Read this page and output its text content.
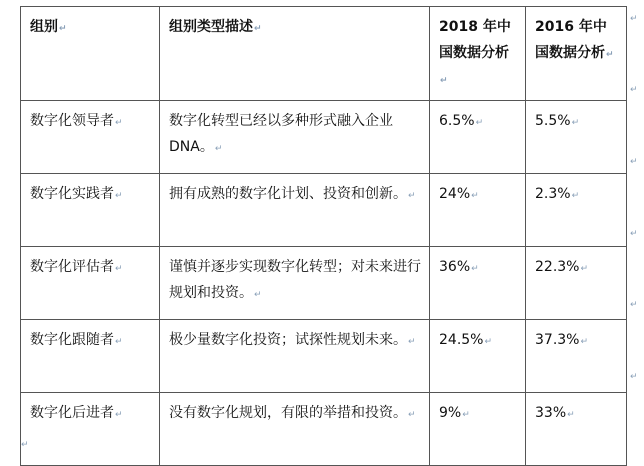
组别↵	组别类型描述↵	2018 年中国数据分析↵	2016 年中国数据分析↵
数字化领导者↵	数字化转型已经以多种形式融入企业 DNA。↵	6.5%↵	5.5%↵
数字化实践者↵	拥有成熟的数字化计划、投资和创新。↵	24%↵	2.3%↵
数字化评估者↵	谨慎并逐步实现数字化转型；对未来进行规划和投资。↵	36%↵	22.3%↵
数字化跟随者↵	极少量数字化投资；试探性规划未来。↵	24.5%↵	37.3%↵
数字化后进者↵	没有数字化规划，有限的举措和投资。↵	9%↵	33%↵
↵
↵
↵
↵
↵
↵
↵
